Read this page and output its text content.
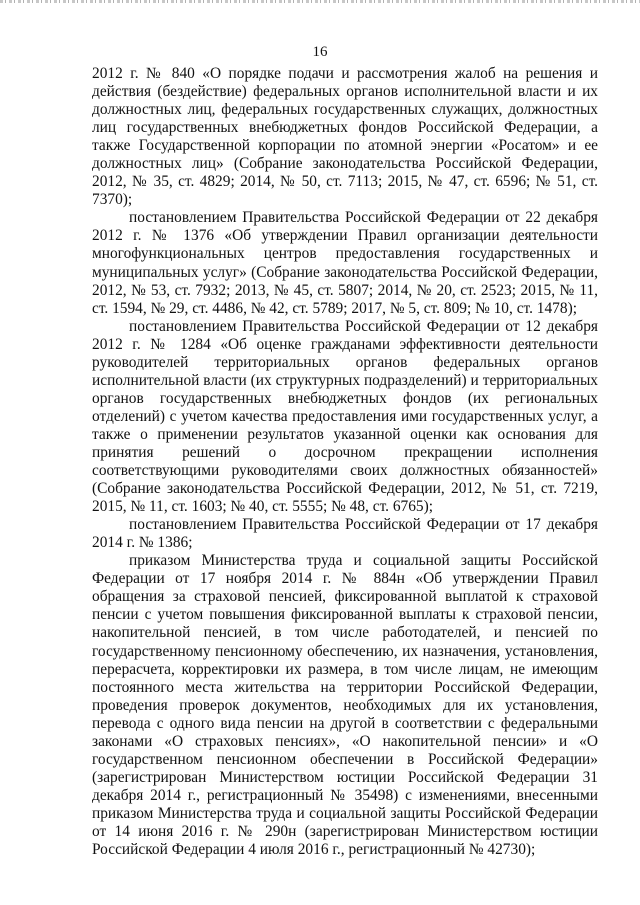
16

2012 г. № 840 «О порядке подачи и рассмотрения жалоб на решения и действия (бездействие) федеральных органов исполнительной власти и их должностных лиц, федеральных государственных служащих, должностных лиц государственных внебюджетных фондов Российской Федерации, а также Государственной корпорации по атомной энергии «Росатом» и ее должностных лиц» (Собрание законодательства Российской Федерации, 2012, № 35, ст. 4829; 2014, № 50, ст. 7113; 2015, № 47, ст. 6596; № 51, ст. 7370);

постановлением Правительства Российской Федерации от 22 декабря 2012 г. № 1376 «Об утверждении Правил организации деятельности многофункциональных центров предоставления государственных и муниципальных услуг» (Собрание законодательства Российской Федерации, 2012, № 53, ст. 7932; 2013, № 45, ст. 5807; 2014, № 20, ст. 2523; 2015, № 11, ст. 1594, № 29, ст. 4486, № 42, ст. 5789; 2017, № 5, ст. 809; № 10, ст. 1478);

постановлением Правительства Российской Федерации от 12 декабря 2012 г. № 1284 «Об оценке гражданами эффективности деятельности руководителей территориальных органов федеральных органов исполнительной власти (их структурных подразделений) и территориальных органов государственных внебюджетных фондов (их региональных отделений) с учетом качества предоставления ими государственных услуг, а также о применении результатов указанной оценки как основания для принятия решений о досрочном прекращении исполнения соответствующими руководителями своих должностных обязанностей» (Собрание законодательства Российской Федерации, 2012, № 51, ст. 7219, 2015, № 11, ст. 1603; № 40, ст. 5555; № 48, ст. 6765);

постановлением Правительства Российской Федерации от 17 декабря 2014 г. № 1386;

приказом Министерства труда и социальной защиты Российской Федерации от 17 ноября 2014 г. № 884н «Об утверждении Правил обращения за страховой пенсией, фиксированной выплатой к страховой пенсии с учетом повышения фиксированной выплаты к страховой пенсии, накопительной пенсией, в том числе работодателей, и пенсией по государственному пенсионному обеспечению, их назначения, установления, перерасчета, корректировки их размера, в том числе лицам, не имеющим постоянного места жительства на территории Российской Федерации, проведения проверок документов, необходимых для их установления, перевода с одного вида пенсии на другой в соответствии с федеральными законами «О страховых пенсиях», «О накопительной пенсии» и «О государственном пенсионном обеспечении в Российской Федерации» (зарегистрирован Министерством юстиции Российской Федерации 31 декабря 2014 г., регистрационный № 35498) с изменениями, внесенными приказом Министерства труда и социальной защиты Российской Федерации от 14 июня 2016 г. № 290н (зарегистрирован Министерством юстиции Российской Федерации 4 июля 2016 г., регистрационный № 42730);
